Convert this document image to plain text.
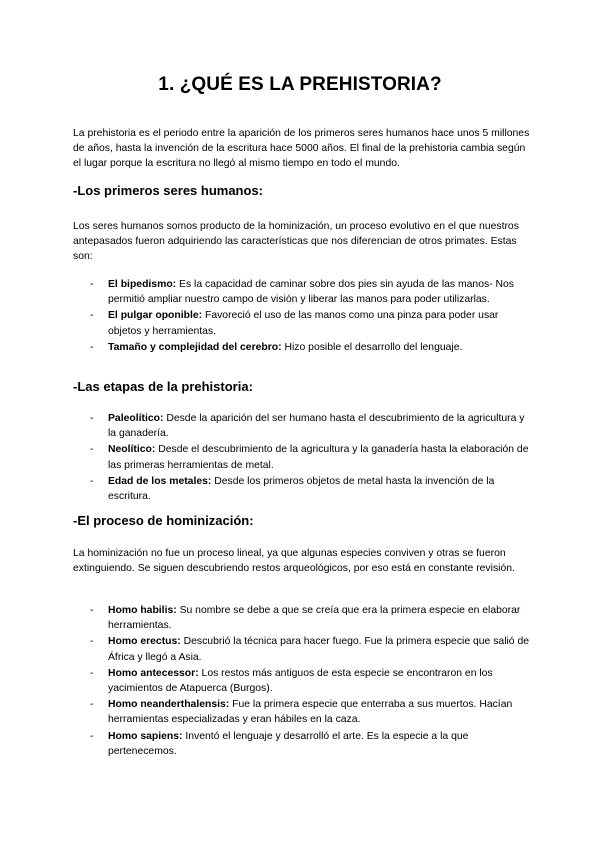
1. ¿QUÉ ES LA PREHISTORIA?

La prehistoria es el periodo entre la aparición de los primeros seres humanos hace unos 5 millones de años, hasta la invención de la escritura hace 5000 años. El final de la prehistoria cambia según el lugar porque la escritura no llegó al mismo tiempo en todo el mundo.

-Los primeros seres humanos:

Los seres humanos somos producto de la hominización, un proceso evolutivo en el que nuestros antepasados fueron adquiriendo las características que nos diferencian de otros primates. Estas son:

- El bipedismo: Es la capacidad de caminar sobre dos pies sin ayuda de las manos- Nos permitió ampliar nuestro campo de visión y liberar las manos para poder utilizarlas.
- El pulgar oponible: Favoreció el uso de las manos como una pinza para poder usar objetos y herramientas.
- Tamaño y complejidad del cerebro: Hizo posible el desarrollo del lenguaje.
-Las etapas de la prehistoria:
- Paleolítico: Desde la aparición del ser humano hasta el descubrimiento de la agricultura y la ganadería.
- Neolítico: Desde el descubrimiento de la agricultura y la ganadería hasta la elaboración de las primeras herramientas de metal.
- Edad de los metales: Desde los primeros objetos de metal hasta la invención de la escritura.
-El proceso de hominización:

La hominización no fue un proceso lineal, ya que algunas especies conviven y otras se fueron extinguiendo. Se siguen descubriendo restos arqueológicos, por eso está en constante revisión.

- Homo habilis: Su nombre se debe a que se creía que era la primera especie en elaborar herramientas.
- Homo erectus: Descubrió la técnica para hacer fuego. Fue la primera especie que salió de África y llegó a Asia.
- Homo antecessor: Los restos más antiguos de esta especie se encontraron en los yacimientos de Atapuerca (Burgos).
- Homo neanderthalensis: Fue la primera especie que enterraba a sus muertos. Hacían herramientas especializadas y eran hábiles en la caza.
- Homo sapiens: Inventó el lenguaje y desarrolló el arte. Es la especie a la que pertenecemos.
